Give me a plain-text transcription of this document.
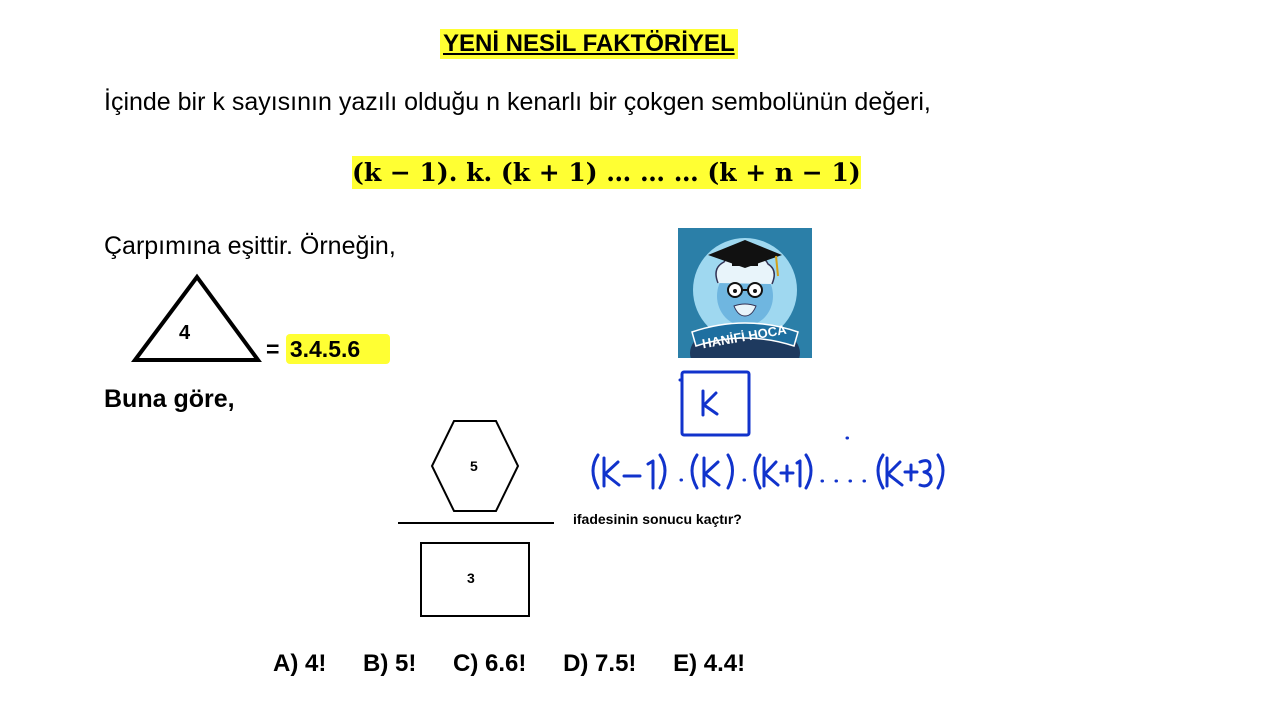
YENİ NESİL FAKTÖRİYEL
İçinde bir k sayısının yazılı olduğu n kenarlı bir çokgen sembolünün değeri,
(𝐤 − 𝟏). 𝐤. (𝐤 + 𝟏) … … … (𝐤 + 𝐧 − 𝟏)
Çarpımına eşittir. Örneğin,
4
= 3.4.5.6
Buna göre,
5
3
ifadesinin sonucu kaçtır?
A) 4! B) 5! C) 6.6! D) 7.5! E) 4.4!
HANİFİ HOCA
